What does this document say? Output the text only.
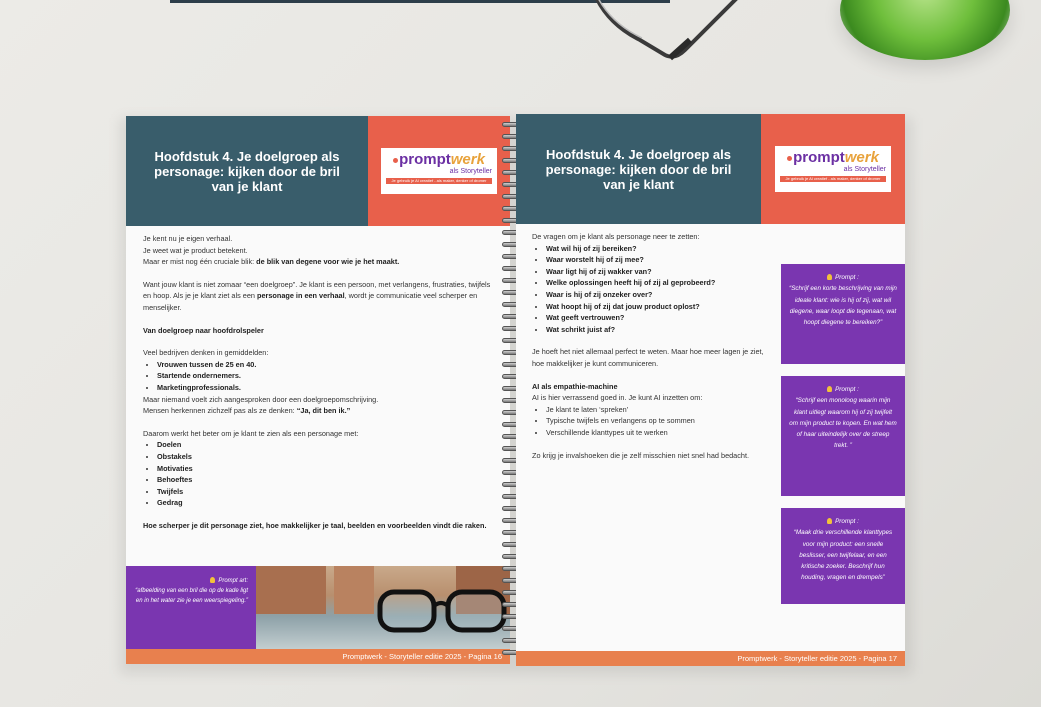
Hoofdstuk 4. Je doelgroep als personage: kijken door de bril van je klant
promptwerk
als Storyteller
Je gebruik je AI creatief - als maker, denker of dromer

Je kent nu je eigen verhaal.

Je weet wat je product betekent.

Maar er mist nog één cruciale blik: de blik van degene voor wie je het maakt.

Want jouw klant is niet zomaar “een doelgroep”. Je klant is een persoon, met verlangens, frustraties, twijfels en hoop. Als je je klant ziet als een personage in een verhaal, wordt je communicatie veel scherper en menselijker.

Van doelgroep naar hoofdrolspeler

Veel bedrijven denken in gemiddelden:

• Vrouwen tussen de 25 en 40.
• Startende ondernemers.
• Marketingprofessionals.

Maar niemand voelt zich aangesproken door een doelgroepomschrijving.

Mensen herkennen zichzelf pas als ze denken: “Ja, dit ben ik.”

Daarom werkt het beter om je klant te zien als een personage met:

• Doelen
• Obstakels
• Motivaties
• Behoeftes
• Twijfels
• Gedrag

Hoe scherper je dit personage ziet, hoe makkelijker je taal, beelden en voorbeelden vindt die raken.

Prompt art:
“afbeelding van een bril die op de kade ligt en in het water zie je een weerspiegeling.”
Promptwerk - Storyteller editie 2025 - Pagina 16
Hoofdstuk 4. Je doelgroep als personage: kijken door de bril van je klant
promptwerk
als Storyteller
Je gebruik je AI creatief - als maker, denker of dromer

De vragen om je klant als personage neer te zetten:

• Wat wil hij of zij bereiken?
• Waar worstelt hij of zij mee?
• Waar ligt hij of zij wakker van?
• Welke oplossingen heeft hij of zij al geprobeerd?
• Waar is hij of zij onzeker over?
• Wat hoopt hij of zij dat jouw product oplost?
• Wat geeft vertrouwen?
• Wat schrikt juist af?

Je hoeft het niet allemaal perfect te weten. Maar hoe meer lagen je ziet, hoe makkelijker je kunt communiceren.

AI als empathie-machine

AI is hier verrassend goed in. Je kunt AI inzetten om:

• Je klant te laten ‘spreken’
• Typische twijfels en verlangens op te sommen
• Verschillende klanttypes uit te werken

Zo krijg je invalshoeken die je zelf misschien niet snel had bedacht.

Prompt :
“Schrijf een korte beschrijving van mijn ideale klant: wie is hij of zij, wat wil diegene, waar loopt die tegenaan, wat hoopt diegene te bereiken?”
Prompt :
“Schrijf een monoloog waarin mijn klant uitlegt waarom hij of zij twijfelt om mijn product te kopen. En wat hem of haar uiteindelijk over de streep trekt. ”
Prompt :
“Maak drie verschillende klanttypes voor mijn product: een snelle beslisser, een twijfelaar, en een kritische zoeker. Beschrijf hun houding, vragen en drempels”
Promptwerk - Storyteller editie 2025 - Pagina 17
